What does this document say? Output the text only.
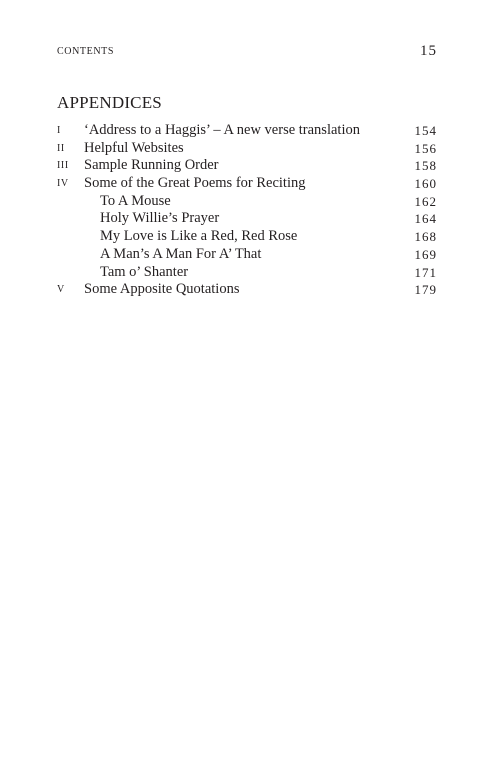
CONTENTS	15
APPENDICES
I ‘Address to a Haggis’ – A new verse translation	154
II Helpful Websites	156
III Sample Running Order	158
IV Some of the Great Poems for Reciting	160
To A Mouse	162
Holy Willie’s Prayer	164
My Love is Like a Red, Red Rose	168
A Man’s A Man For A’ That	169
Tam o’ Shanter	171
V Some Apposite Quotations	179
